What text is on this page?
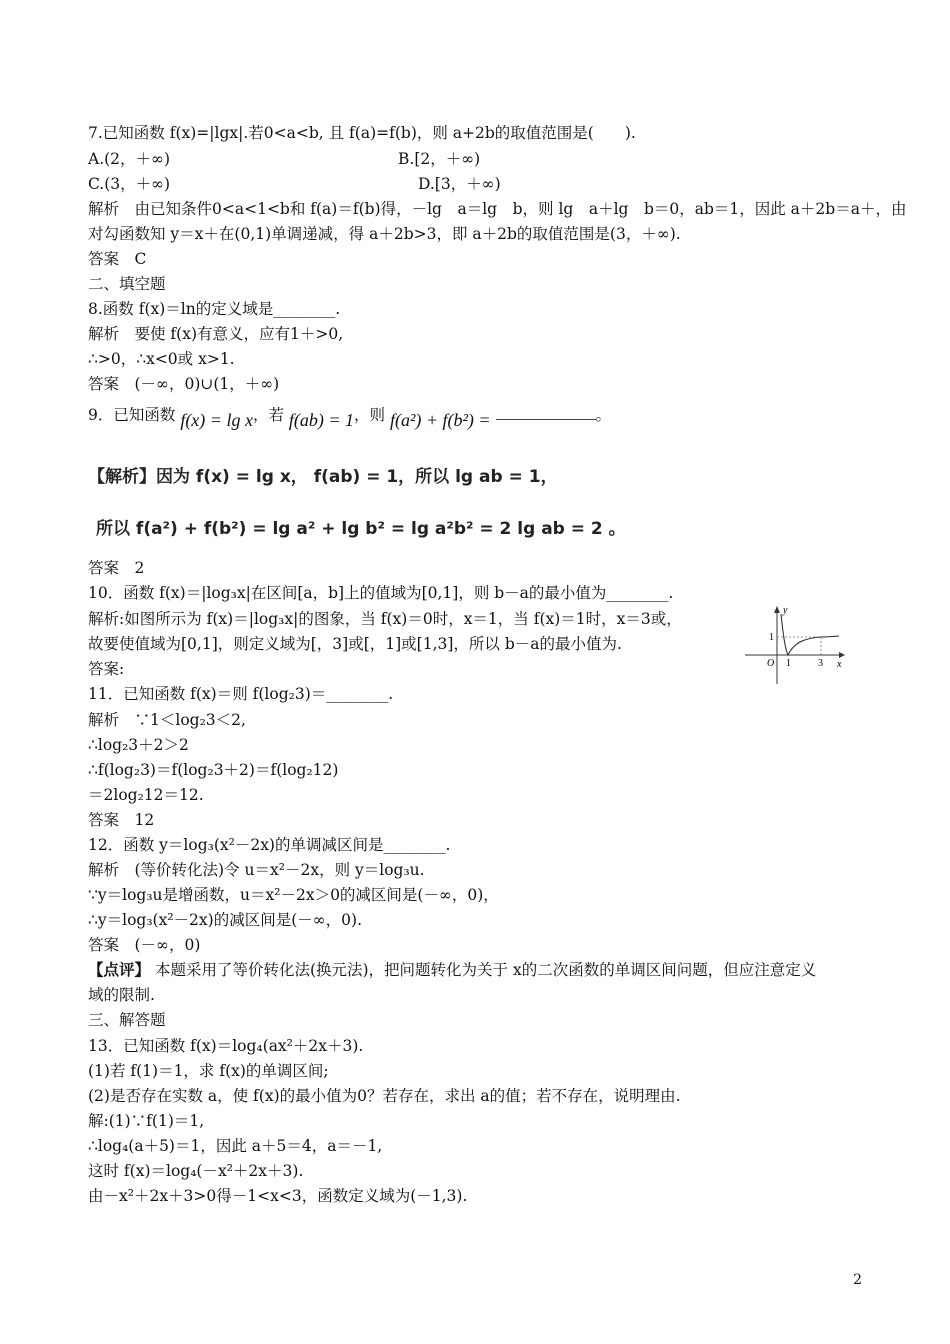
7.已知函数 f(x)=|lgx|.若0<a<b, 且 f(a)=f(b)，则 a+2b的取值范围是(　　).
A.(2，＋∞)	B.[2，＋∞)
C.(3，＋∞)	D.[3，＋∞)
解析　由已知条件0<a<1<b和 f(a)＝f(b)得，－lg　a＝lg　b，则 lg　a＋lg　b＝0，ab＝1，因此 a＋2b＝a＋，由
对勾函数知 y＝x＋在(0,1)单调递减，得 a＋2b>3，即 a＋2b的取值范围是(3，＋∞).
答案　C
二、填空题
8.函数 f(x)＝ln的定义域是________.
解析　要使 f(x)有意义，应有1＋>0,
∴>0，∴x<0或 x>1.
答案　(－∞，0)∪(1，＋∞)
答案　2
10．函数 f(x)＝|log₃x|在区间[a，b]上的值域为[0,1]，则 b－a的最小值为________.
解析:如图所示为 f(x)＝|log₃x|的图象，当 f(x)＝0时，x＝1，当 f(x)＝1时，x＝3或，
故要使值域为[0,1]，则定义域为[，3]或[，1]或[1,3]，所以 b－a的最小值为.
答案:
11．已知函数 f(x)＝则 f(log₂3)＝________.
解析　∵1＜log₂3＜2,
∴log₂3＋2＞2
∴f(log₂3)＝f(log₂3＋2)＝f(log₂12)
＝2log₂12＝12.
答案　12
12．函数 y＝log₃(x²－2x)的单调减区间是________.
解析　(等价转化法)令 u＝x²－2x，则 y＝log₃u.
∵y＝log₃u是增函数，u＝x²－2x＞0的减区间是(－∞，0)，
∴y＝log₃(x²－2x)的减区间是(－∞，0).
答案　(－∞，0)
【点评】 本题采用了等价转化法(换元法)，把问题转化为关于 x的二次函数的单调区间问题，但应注意定义
域的限制.
三、解答题
13．已知函数 f(x)＝log₄(ax²＋2x＋3).
(1)若 f(1)＝1，求 f(x)的单调区间;
(2)是否存在实数 a，使 f(x)的最小值为0？若存在，求出 a的值；若不存在，说明理由.
解:(1)∵f(1)＝1,
∴log₄(a＋5)＝1，因此 a＋5＝4，a＝－1,
这时 f(x)＝log₄(－x²＋2x＋3).
由－x²＋2x＋3>0得－1<x<3，函数定义域为(－1,3).
9．已知函数 f(x) = lg x，若 f(ab) = 1，则 f(a²) + f(b²) =	。
【解析】因为 f(x) = lg x， f(ab) = 1，所以 lg ab = 1，
所以 f(a²) + f(b²) = lg a² + lg b² = lg a²b² = 2 lg ab = 2 。
y
x
O
1
1	3
2
